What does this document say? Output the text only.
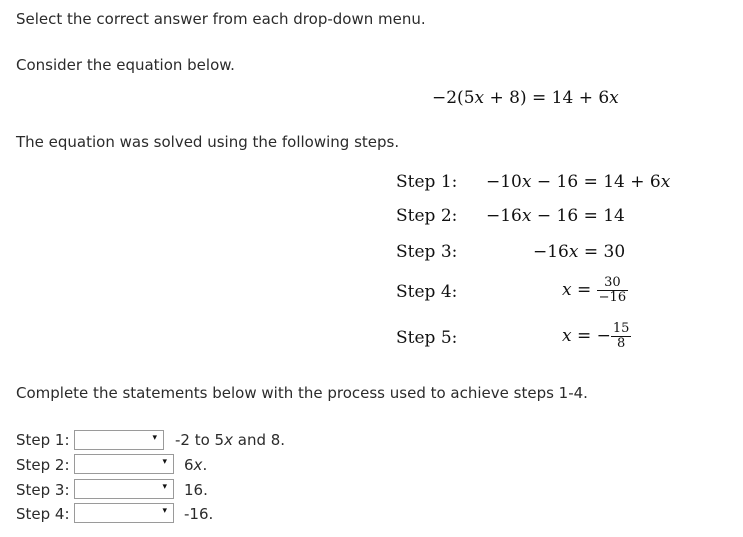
Select the correct answer from each drop-down menu.
Consider the equation below.
−2(5x + 8) = 14 + 6x
The equation was solved using the following steps.
Step 1: −10x − 16 = 14 + 6x
Step 2: −16x − 16 = 14
Step 3:	−16x = 30
Step 4:	$x = \frac{30}{-16}$
Step 5:	x = − $\frac{15}{8}$
Complete the statements below with the process used to achieve steps 1-4.
Step 1:	▾ -2 to 5x and 8.
Step 2:	▾ 6x.
Step 3:	▾ 16.
Step 4:	▾ -16.
